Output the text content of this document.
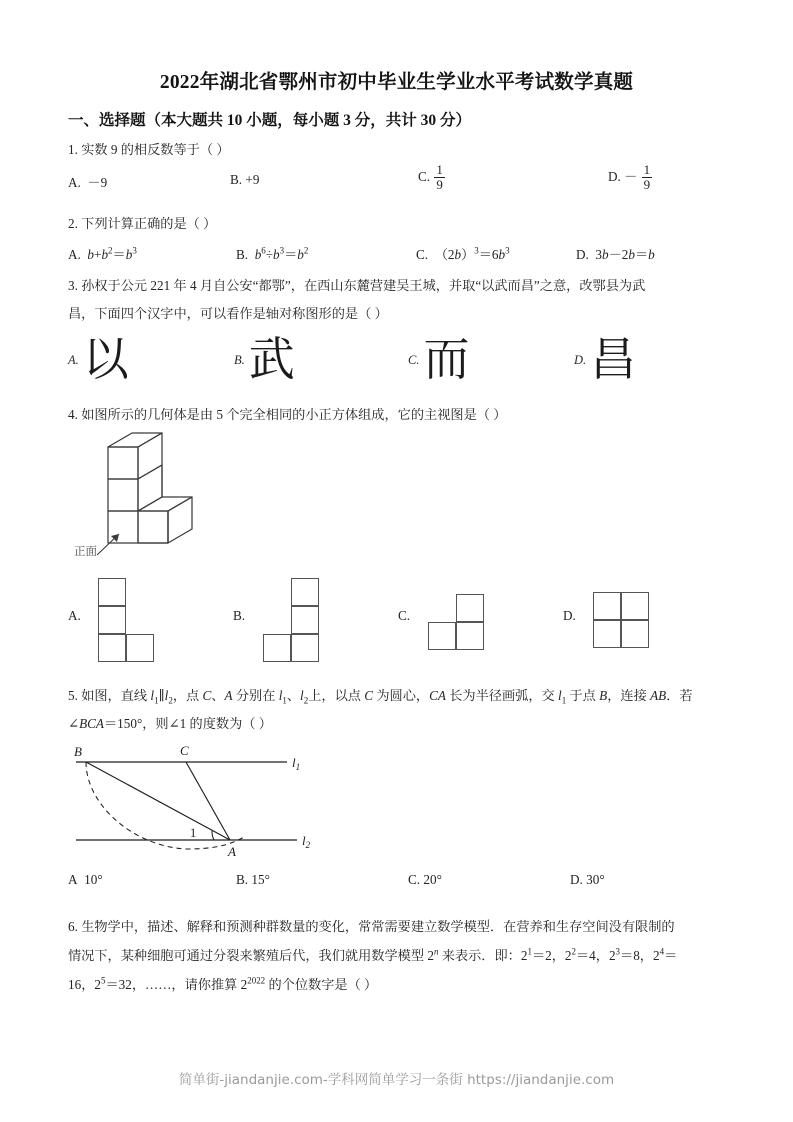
2022年湖北省鄂州市初中毕业生学业水平考试数学真题
一、选择题（本大题共 10 小题，每小题 3 分，共计 30 分）
1. 实数 9 的相反数等于（ ）
A. －9	B. +9	C. $\frac{1}{9}$	D. － $\frac{1}{9}$
2. 下列计算正确的是（ ）
A. $b+b^2=b^3$	B. $b^6\div b^3=b^2$	C. $(2b)^3=6b^3$	D. 3b－2b＝b
3. 孙权于公元 221 年 4 月自公安“都鄂”，在西山东麓营建吴王城，并取“以武而昌”之意，改鄂县为武
昌，下面四个汉字中，可以看作是轴对称图形的是（ ）
$^{A.}$以	$^{B.}$武	$^{C.}$而	$^{D.}$昌
4. 如图所示的几何体是由 5 个完全相同的小正方体组成，它的主视图是（ ）
正面
A.	B.	C.	D.
5. 如图，直线 $l_1\parallel l_2$，点 C、A 分别在 $l_1$、$l_2$上，以点 C 为圆心，CA 长为半径画弧，交 $l_1$ 于点 B，连接 AB．若
∠BCA＝150°，则∠1 的度数为（ ）
B	C
A
1
$l_1$
$l_2$
A 10°	B. 15°	C. 20°	D. 30°
6. 生物学中，描述、解释和预测种群数量的变化，常常需要建立数学模型．在营养和生存空间没有限制的
情况下，某种细胞可通过分裂来繁殖后代，我们就用数学模型 2$^n$ 来表示．即：$2^1=2$，$2^2=4$，$2^3=8$，$2^4=$
16，$2^5=32$，……，请你推算 $2^{2022}$ 的个位数字是（ ）
简单街-jiandanjie.com-学科网简单学习一条街 https://jiandanjie.com
